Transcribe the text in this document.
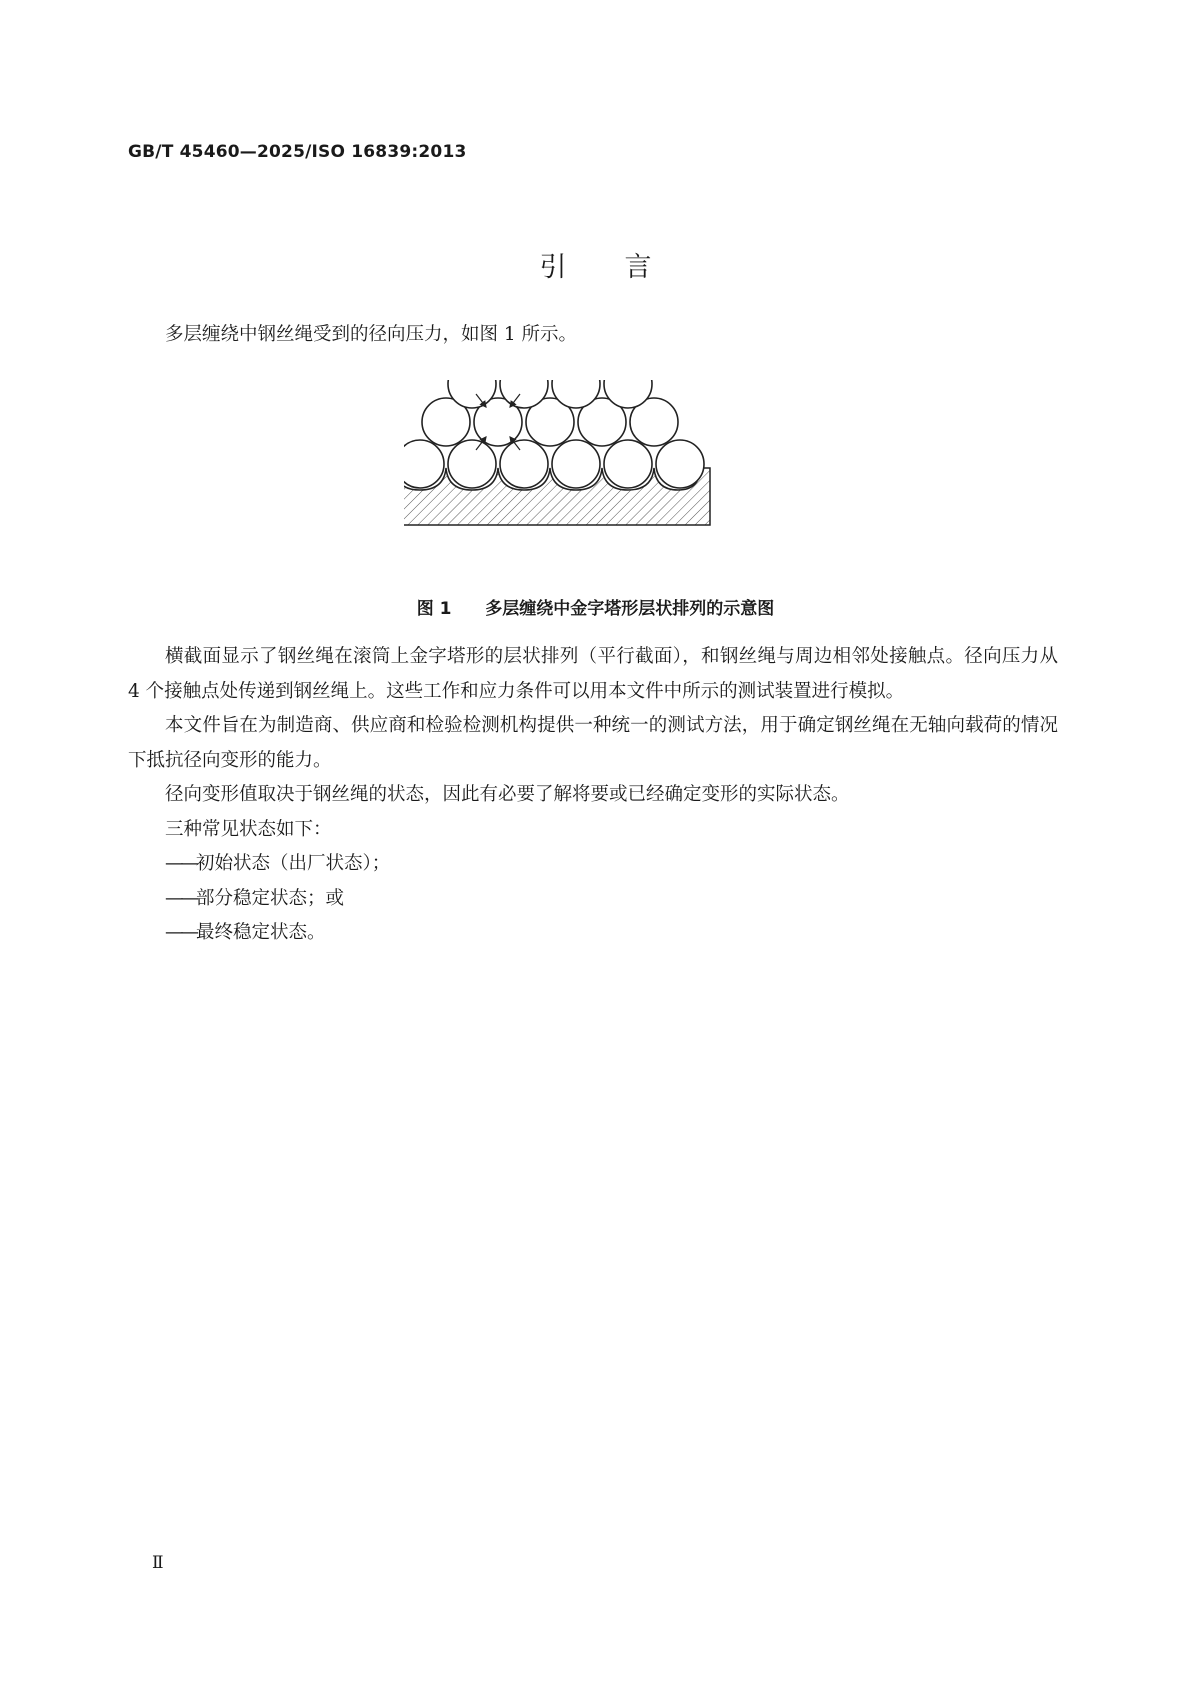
GB/T 45460—2025/ISO 16839:2013
引言

多层缠绕中钢丝绳受到的径向压力，如图 1 所示。

图 1 多层缠绕中金字塔形层状排列的示意图

横截面显示了钢丝绳在滚筒上金字塔形的层状排列（平行截面），和钢丝绳与周边相邻处接触点。径向压力从 4 个接触点处传递到钢丝绳上。这些工作和应力条件可以用本文件中所示的测试装置进行模拟。

本文件旨在为制造商、供应商和检验检测机构提供一种统一的测试方法，用于确定钢丝绳在无轴向载荷的情况下抵抗径向变形的能力。

径向变形值取决于钢丝绳的状态，因此有必要了解将要或已经确定变形的实际状态。

三种常见状态如下：

——初始状态（出厂状态）；

——部分稳定状态；或

——最终稳定状态。

Ⅱ
